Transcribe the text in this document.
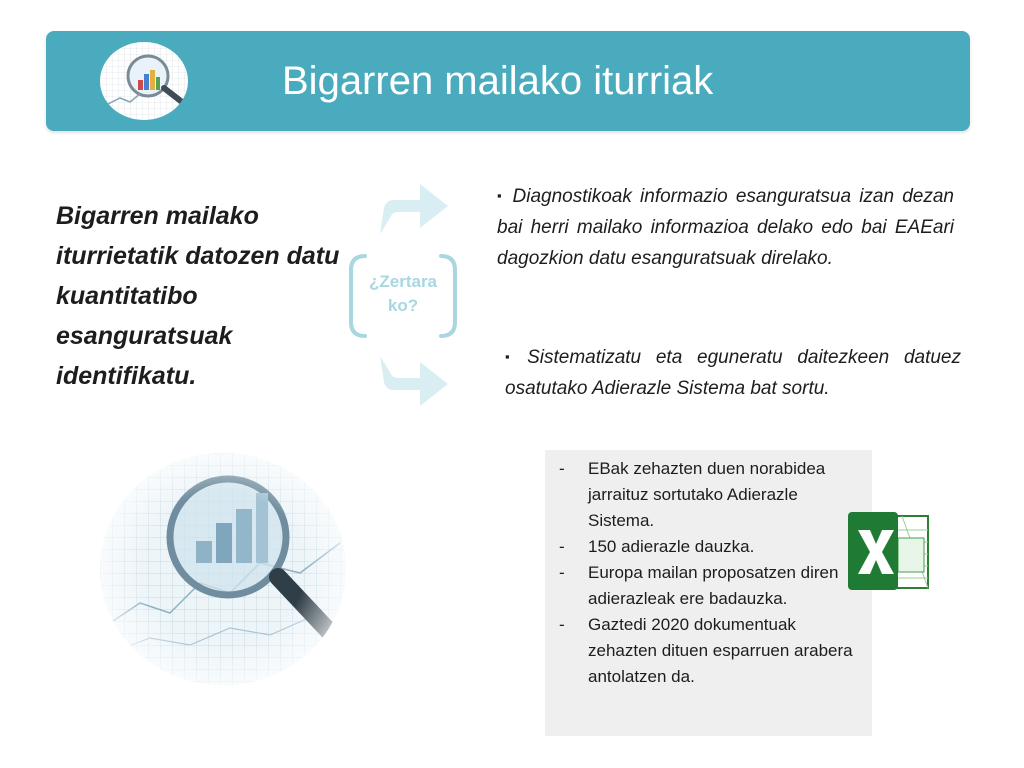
Bigarren mailako iturriak
Bigarren mailako iturrietatik datozen datu kuantitatibo esanguratsuak identifikatu.
¿Zertara
ko?
▪ Diagnostikoak informazio esanguratsua izan dezan bai herri mailako informazioa delako edo bai EAEari dagozkion datu esanguratsuak direlako.
▪ Sistematizatu eta eguneratu daitezkeen datuez osatutako Adierazle Sistema bat sortu.
- EBak zehazten duen norabidea jarraituz sortutako Adierazle Sistema.
- 150 adierazle dauzka.
- Europa mailan proposatzen diren adierazleak ere badauzka.
- Gaztedi 2020 dokumentuak zehazten dituen esparruen arabera antolatzen da.
